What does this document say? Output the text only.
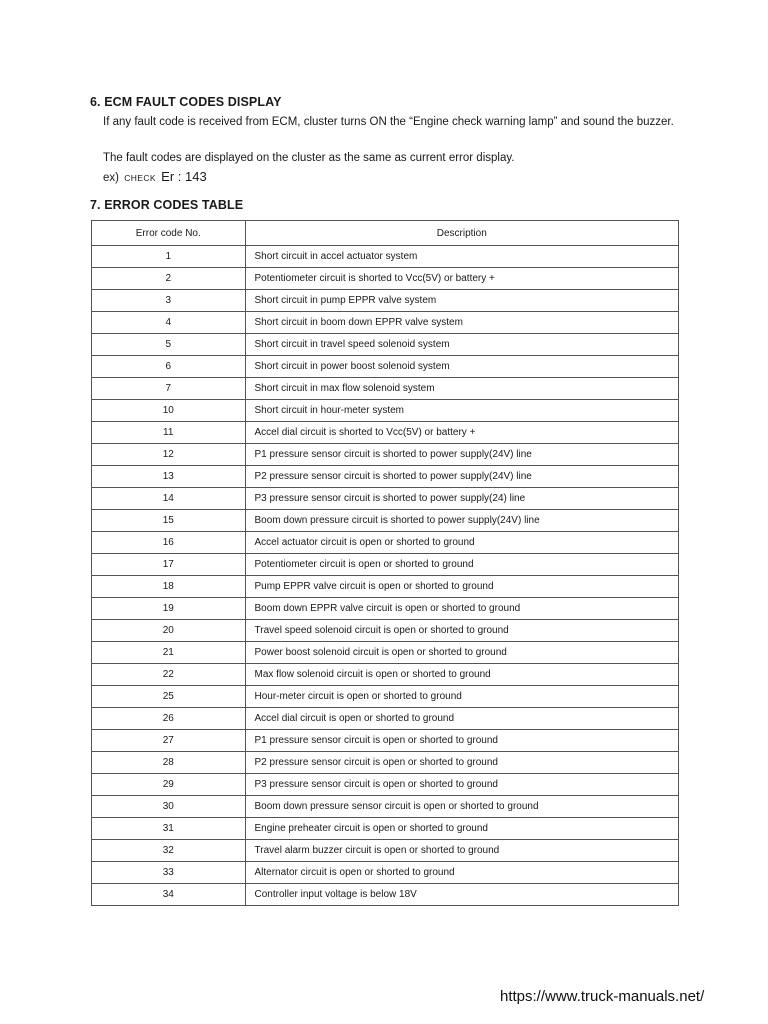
6. ECM FAULT CODES DISPLAY
If any fault code is received from ECM, cluster turns ON the “Engine check warning lamp” and sound the buzzer.
The fault codes are displayed on the cluster as the same as current error display.
ex) CHECK Er : 143
7. ERROR CODES TABLE
Error code No.	Description
1	Short circuit in accel actuator system
2	Potentiometer circuit is shorted to Vcc(5V) or battery +
3	Short circuit in pump EPPR valve system
4	Short circuit in boom down EPPR valve system
5	Short circuit in travel speed solenoid system
6	Short circuit in power boost solenoid system
7	Short circuit in max flow solenoid system
10	Short circuit in hour-meter system
11	Accel dial circuit is shorted to Vcc(5V) or battery +
12	P1 pressure sensor circuit is shorted to power supply(24V) line
13	P2 pressure sensor circuit is shorted to power supply(24V) line
14	P3 pressure sensor circuit is shorted to power supply(24) line
15	Boom down pressure circuit is shorted to power supply(24V) line
16	Accel actuator circuit is open or shorted to ground
17	Potentiometer circuit is open or shorted to ground
18	Pump EPPR valve circuit is open or shorted to ground
19	Boom down EPPR valve circuit is open or shorted to ground
20	Travel speed solenoid circuit is open or shorted to ground
21	Power boost solenoid circuit is open or shorted to ground
22	Max flow solenoid circuit is open or shorted to ground
25	Hour-meter circuit is open or shorted to ground
26	Accel dial circuit is open or shorted to ground
27	P1 pressure sensor circuit is open or shorted to ground
28	P2 pressure sensor circuit is open or shorted to ground
29	P3 pressure sensor circuit is open or shorted to ground
30	Boom down pressure sensor circuit is open or shorted to ground
31	Engine preheater circuit is open or shorted to ground
32	Travel alarm buzzer circuit is open or shorted to ground
33	Alternator circuit is open or shorted to ground
34	Controller input voltage is below 18V
https://www.truck-manuals.net/
